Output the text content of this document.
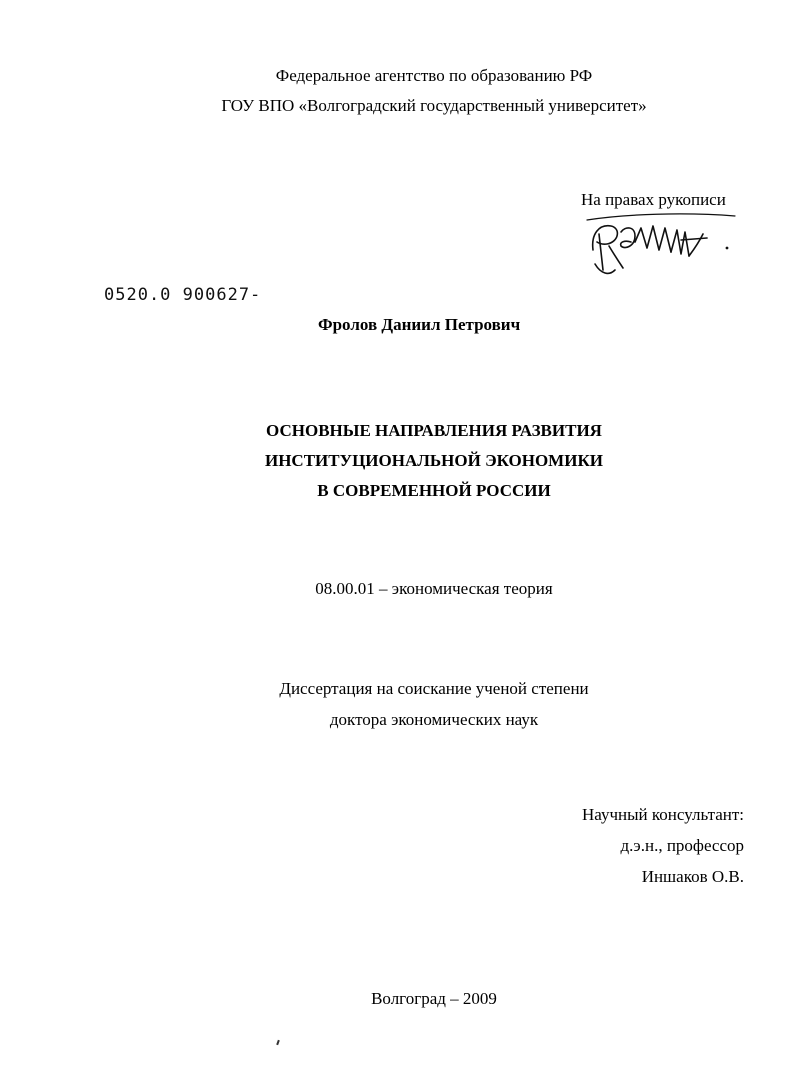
Федеральное агентство по образованию РФ
ГОУ ВПО «Волгоградский государственный университет»
На правах рукописи
0520.0 900627-
Фролов Даниил Петрович
ОСНОВНЫЕ НАПРАВЛЕНИЯ РАЗВИТИЯ
ИНСТИТУЦИОНАЛЬНОЙ ЭКОНОМИКИ
В СОВРЕМЕННОЙ РОССИИ
08.00.01 – экономическая теория
Диссертация на соискание ученой степени
доктора экономических наук
Научный консультант:
д.э.н., профессор
Иншаков О.В.
Волгоград – 2009
